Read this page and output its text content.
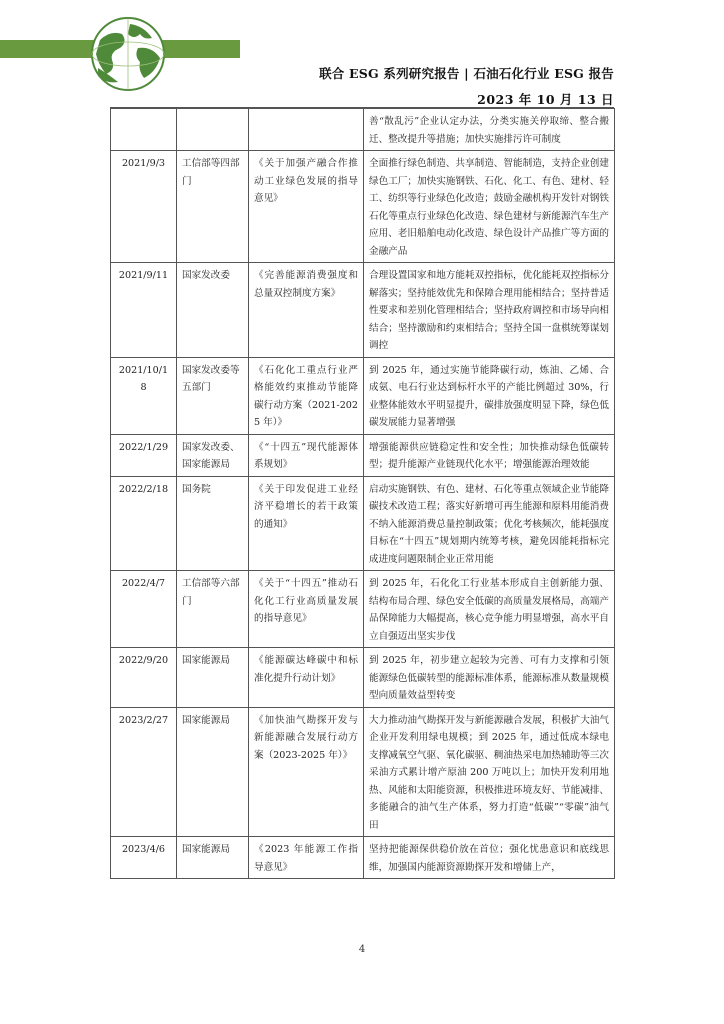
联合 ESG 系列研究报告 | 石油石化行业 ESG 报告
2023 年 10 月 13 日
			善“散乱污”企业认定办法，分类实施关停取缔、整合搬迁、整改提升等措施；加快实施排污许可制度
2021/9/3	工信部等四部门	《关于加强产融合作推动工业绿色发展的指导意见》	全面推行绿色制造、共享制造、智能制造，支持企业创建绿色工厂；加快实施钢铁、石化、化工、有色、建材、轻工、纺织等行业绿色化改造；鼓励金融机构开发针对钢铁石化等重点行业绿色化改造、绿色建材与新能源汽车生产应用、老旧船舶电动化改造、绿色设计产品推广等方面的金融产品
2021/9/11	国家发改委	《完善能源消费强度和总量双控制度方案》	合理设置国家和地方能耗双控指标，优化能耗双控指标分解落实；坚持能效优先和保障合理用能相结合；坚持普适性要求和差别化管理相结合；坚持政府调控和市场导向相结合；坚持激励和约束相结合；坚持全国一盘棋统筹谋划调控
2021/10/18	国家发改委等五部门	《石化化工重点行业严格能效约束推动节能降碳行动方案（2021-2025 年）》	到 2025 年，通过实施节能降碳行动，炼油、乙烯、合成氨、电石行业达到标杆水平的产能比例超过 30%，行业整体能效水平明显提升，碳排放强度明显下降，绿色低碳发展能力显著增强
2022/1/29	国家发改委、国家能源局	《“十四五”现代能源体系规划》	增强能源供应链稳定性和安全性；加快推动绿色低碳转型；提升能源产业链现代化水平；增强能源治理效能
2022/2/18	国务院	《关于印发促进工业经济平稳增长的若干政策的通知》	启动实施钢铁、有色、建材、石化等重点领域企业节能降碳技术改造工程；落实好新增可再生能源和原料用能消费不纳入能源消费总量控制政策；优化考核频次，能耗强度目标在“十四五”规划期内统筹考核，避免因能耗指标完成进度问题限制企业正常用能
2022/4/7	工信部等六部门	《关于“十四五”推动石化化工行业高质量发展的指导意见》	到 2025 年，石化化工行业基本形成自主创新能力强、结构布局合理、绿色安全低碳的高质量发展格局，高端产品保障能力大幅提高，核心竞争能力明显增强，高水平自立自强迈出坚实步伐
2022/9/20	国家能源局	《能源碳达峰碳中和标准化提升行动计划》	到 2025 年，初步建立起较为完善、可有力支撑和引领能源绿色低碳转型的能源标准体系，能源标准从数量规模型向质量效益型转变
2023/2/27	国家能源局	《加快油气勘探开发与新能源融合发展行动方案（2023-2025 年）》	大力推动油气勘探开发与新能源融合发展，积极扩大油气企业开发利用绿电规模；到 2025 年，通过低成本绿电支撑减氧空气驱、氧化碳驱、稠油热采电加热辅助等三次采油方式累计增产原油 200 万吨以上；加快开发利用地热、风能和太阳能资源，积极推进环境友好、节能减排、多能融合的油气生产体系，努力打造“低碳”“零碳”油气田
2023/4/6	国家能源局	《2023 年能源工作指导意见》	坚持把能源保供稳价放在首位；强化忧患意识和底线思维，加强国内能源资源勘探开发和增储上产，
4
